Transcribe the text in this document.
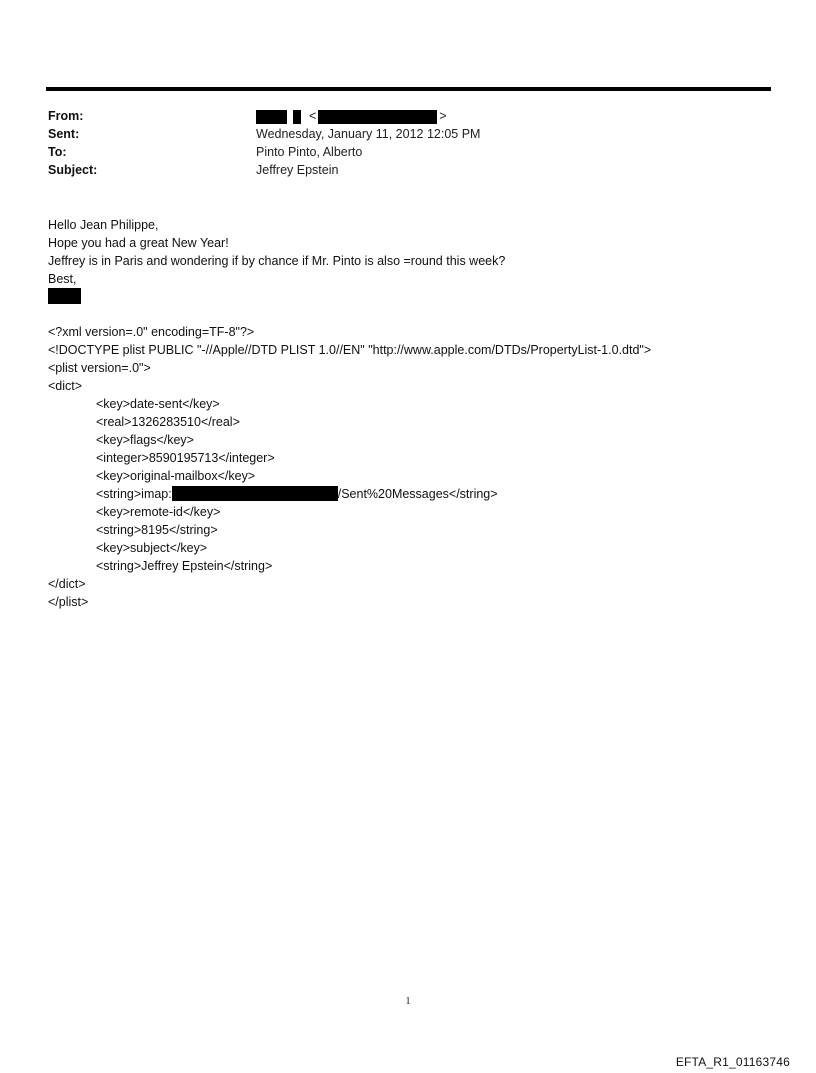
From:	<	>
Sent:	Wednesday, January 11, 2012 12:05 PM
To:	Pinto Pinto, Alberto
Subject:	Jeffrey Epstein
Hello Jean Philippe,
Hope you had a great New Year!
Jeffrey is in Paris and wondering if by chance if Mr. Pinto is also =round this week?
Best,
<?xml version=.0" encoding=TF-8"?>
<!DOCTYPE plist PUBLIC "-//Apple//DTD PLIST 1.0//EN" "http://www.apple.com/DTDs/PropertyList-1.0.dtd">
<plist version=.0">
<dict>
<key>date-sent</key>
<real>1326283510</real>
<key>flags</key>
<integer>8590195713</integer>
<key>original-mailbox</key>
<string>imap:	/Sent%20Messages</string>
<key>remote-id</key>
<string>8195</string>
<key>subject</key>
<string>Jeffrey Epstein</string>
</dict>
</plist>
1
EFTA_R1_01163746
